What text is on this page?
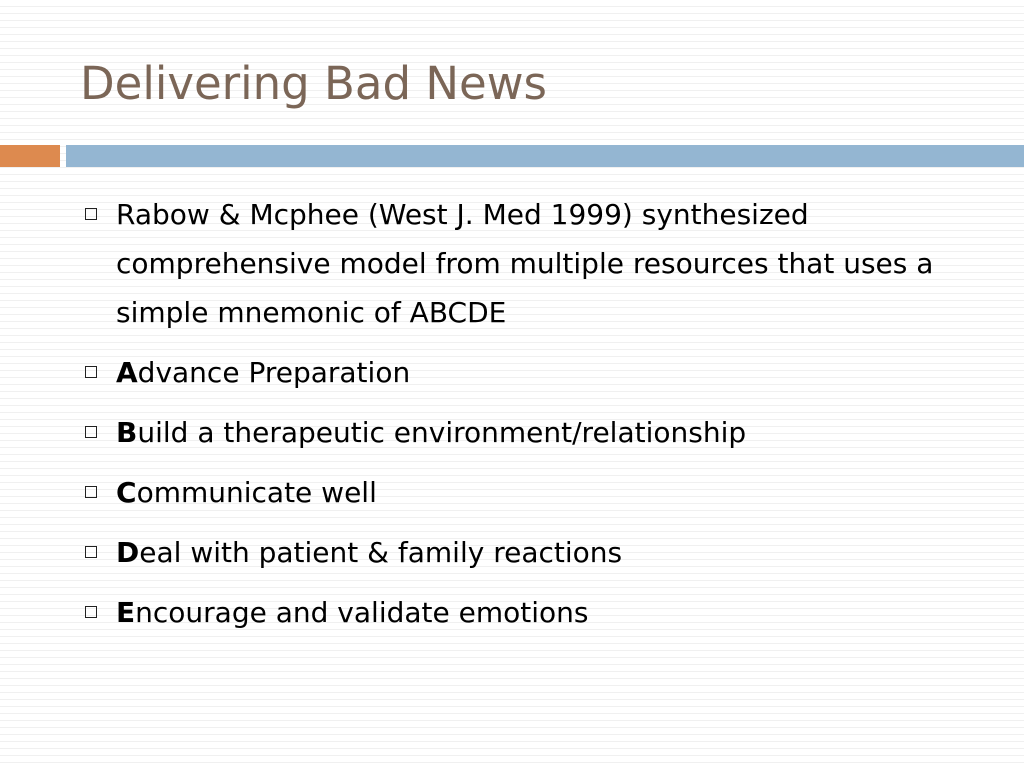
Delivering Bad News
Rabow & Mcphee (West J. Med 1999) synthesized comprehensive model from multiple resources that uses a simple mnemonic of ABCDE
Advance Preparation
Build a therapeutic environment/relationship
Communicate well
Deal with patient & family reactions
Encourage and validate emotions
